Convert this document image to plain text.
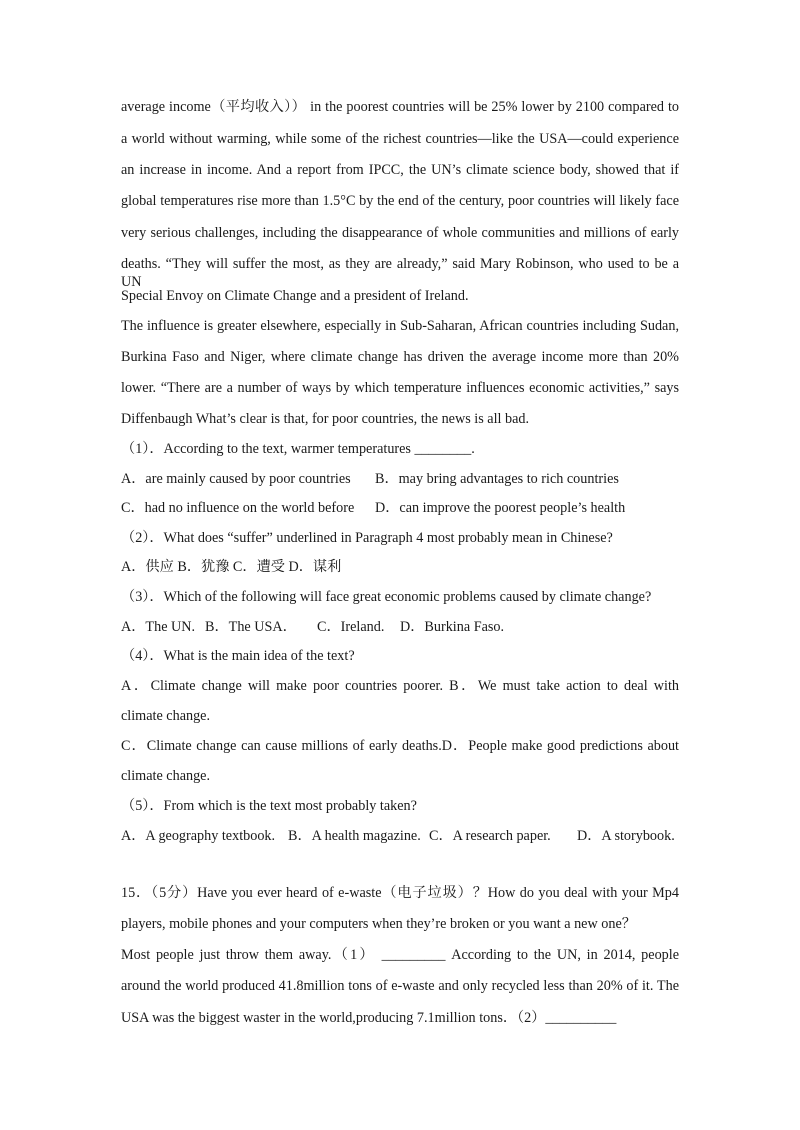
average income（平均收入）） in the poorest countries will be 25% lower by 2100 compared to
a world without warming, while some of the richest countries—like the USA—could experience
an increase in income. And a report from IPCC, the UN’s climate science body, showed that if
global temperatures rise more than 1.5°C by the end of the century, poor countries will likely face
very serious challenges, including the disappearance of whole communities and millions of early
deaths. “They will suffer the most, as they are already,” said Mary Robinson, who used to be a UN
Special Envoy on Climate Change and a president of Ireland.
The influence is greater elsewhere, especially in Sub-Saharan, African countries including Sudan,
Burkina Faso and Niger, where climate change has driven the average income more than 20%
lower. “There are a number of ways by which temperature influences economic activities,” says
Diffenbaugh What’s clear is that, for poor countries, the news is all bad.
（1）．According to the text, warmer temperatures ________.
A．are mainly caused by poor countries B．may bring advantages to rich countries
C．had no influence on the world before D．can improve the poorest people’s health
（2）．What does “suffer” underlined in Paragraph 4 most probably mean in Chinese?
A．供应 B．犹豫 C．遭受 D．谋利
（3）．Which of the following will face great economic problems caused by climate change?
A．The UN. B．The USA． C．Ireland. D．Burkina Faso.
（4）．What is the main idea of the text?
A．Climate change will make poor countries poorer. B．We must take action to deal with
climate change.
C．Climate change can cause millions of early deaths.D．People make good predictions about
climate change.
（5）．From which is the text most probably taken?
A．A geography textbook. B．A health magazine. C．A research paper. D．A storybook.
15．（5分）Have you ever heard of e-waste（电子垃圾）？How do you deal with your Mp4
players, mobile phones and your computers when they’re broken or you want a new one？
Most people just throw them away.（1） _________ According to the UN, in 2014, people
around the world produced 41.8million tons of e-waste and only recycled less than 20% of it. The
USA was the biggest waster in the world,producing 7.1million tons．（2）__________
